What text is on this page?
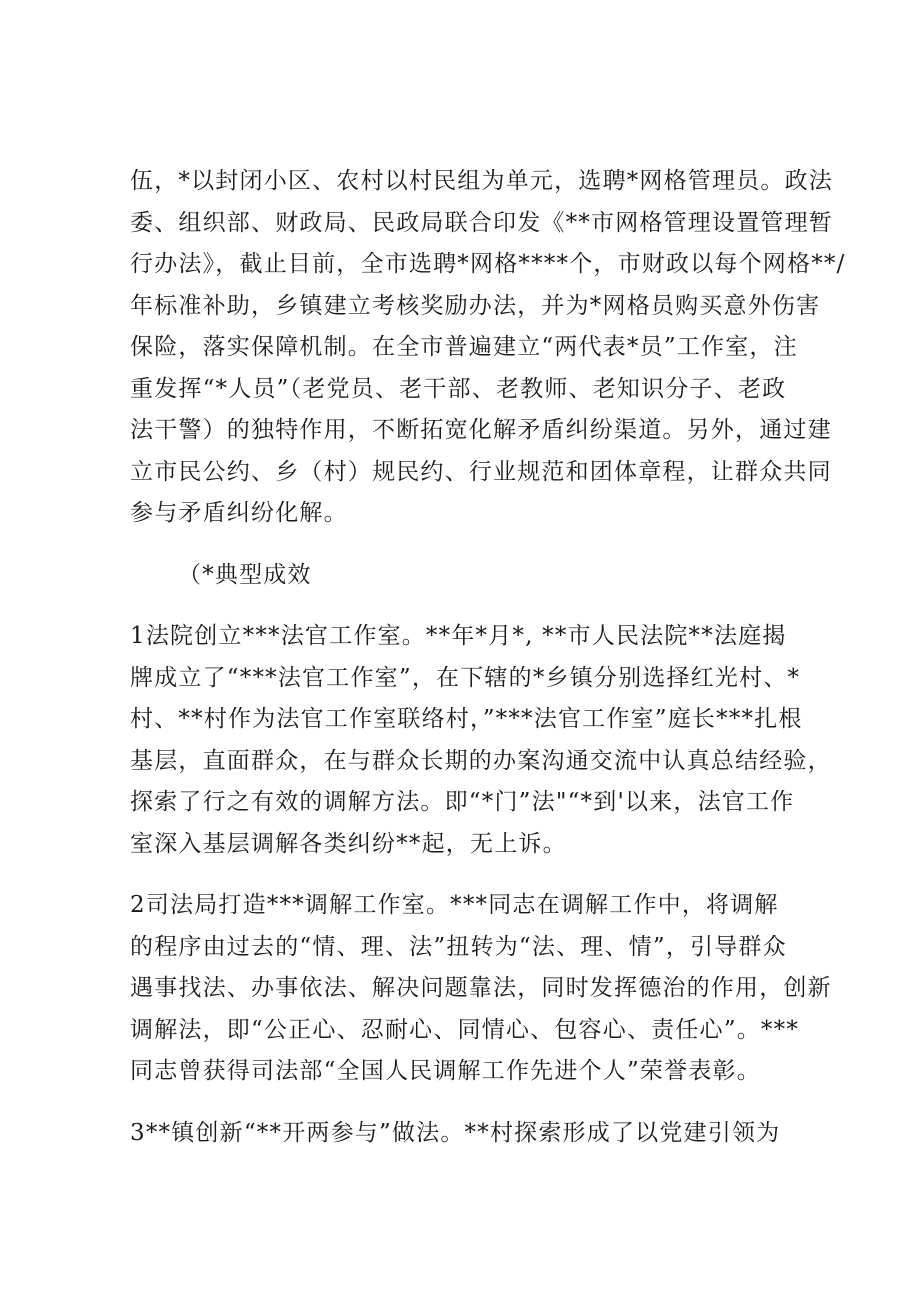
伍，*以封闭小区、农村以村民组为单元，选聘*网格管理员。政法
委、组织部、财政局、民政局联合印发《**市网格管理设置管理暂
行办法》，截止目前，全市选聘*网格****个，市财政以每个网格**/
年标准补助，乡镇建立考核奖励办法，并为*网格员购买意外伤害
保险，落实保障机制。在全市普遍建立“两代表*员”工作室，注
重发挥“*人员”（老党员、老干部、老教师、老知识分子、老政
法干警）的独特作用，不断拓宽化解矛盾纠纷渠道。另外，通过建
立市民公约、乡（村）规民约、行业规范和团体章程，让群众共同
参与矛盾纠纷化解。
（*典型成效
1法院创立***法官工作室。**年*月*, **市人民法院**法庭揭
牌成立了“***法官工作室”，在下辖的*乡镇分别选择红光村、*
村、**村作为法官工作室联络村，”***法官工作室”庭长***扎根
基层，直面群众，在与群众长期的办案沟通交流中认真总结经验，
探索了行之有效的调解方法。即“*门”法"“*到'以来，法官工作
室深入基层调解各类纠纷**起，无上诉。
2司法局打造***调解工作室。***同志在调解工作中，将调解
的程序由过去的“情、理、法”扭转为“法、理、情”，引导群众
遇事找法、办事依法、解决问题靠法，同时发挥德治的作用，创新
调解法，即“公正心、忍耐心、同情心、包容心、责任心”。***
同志曾获得司法部“全国人民调解工作先进个人”荣誉表彰。
3**镇创新“**开两参与”做法。**村探索形成了以党建引领为
